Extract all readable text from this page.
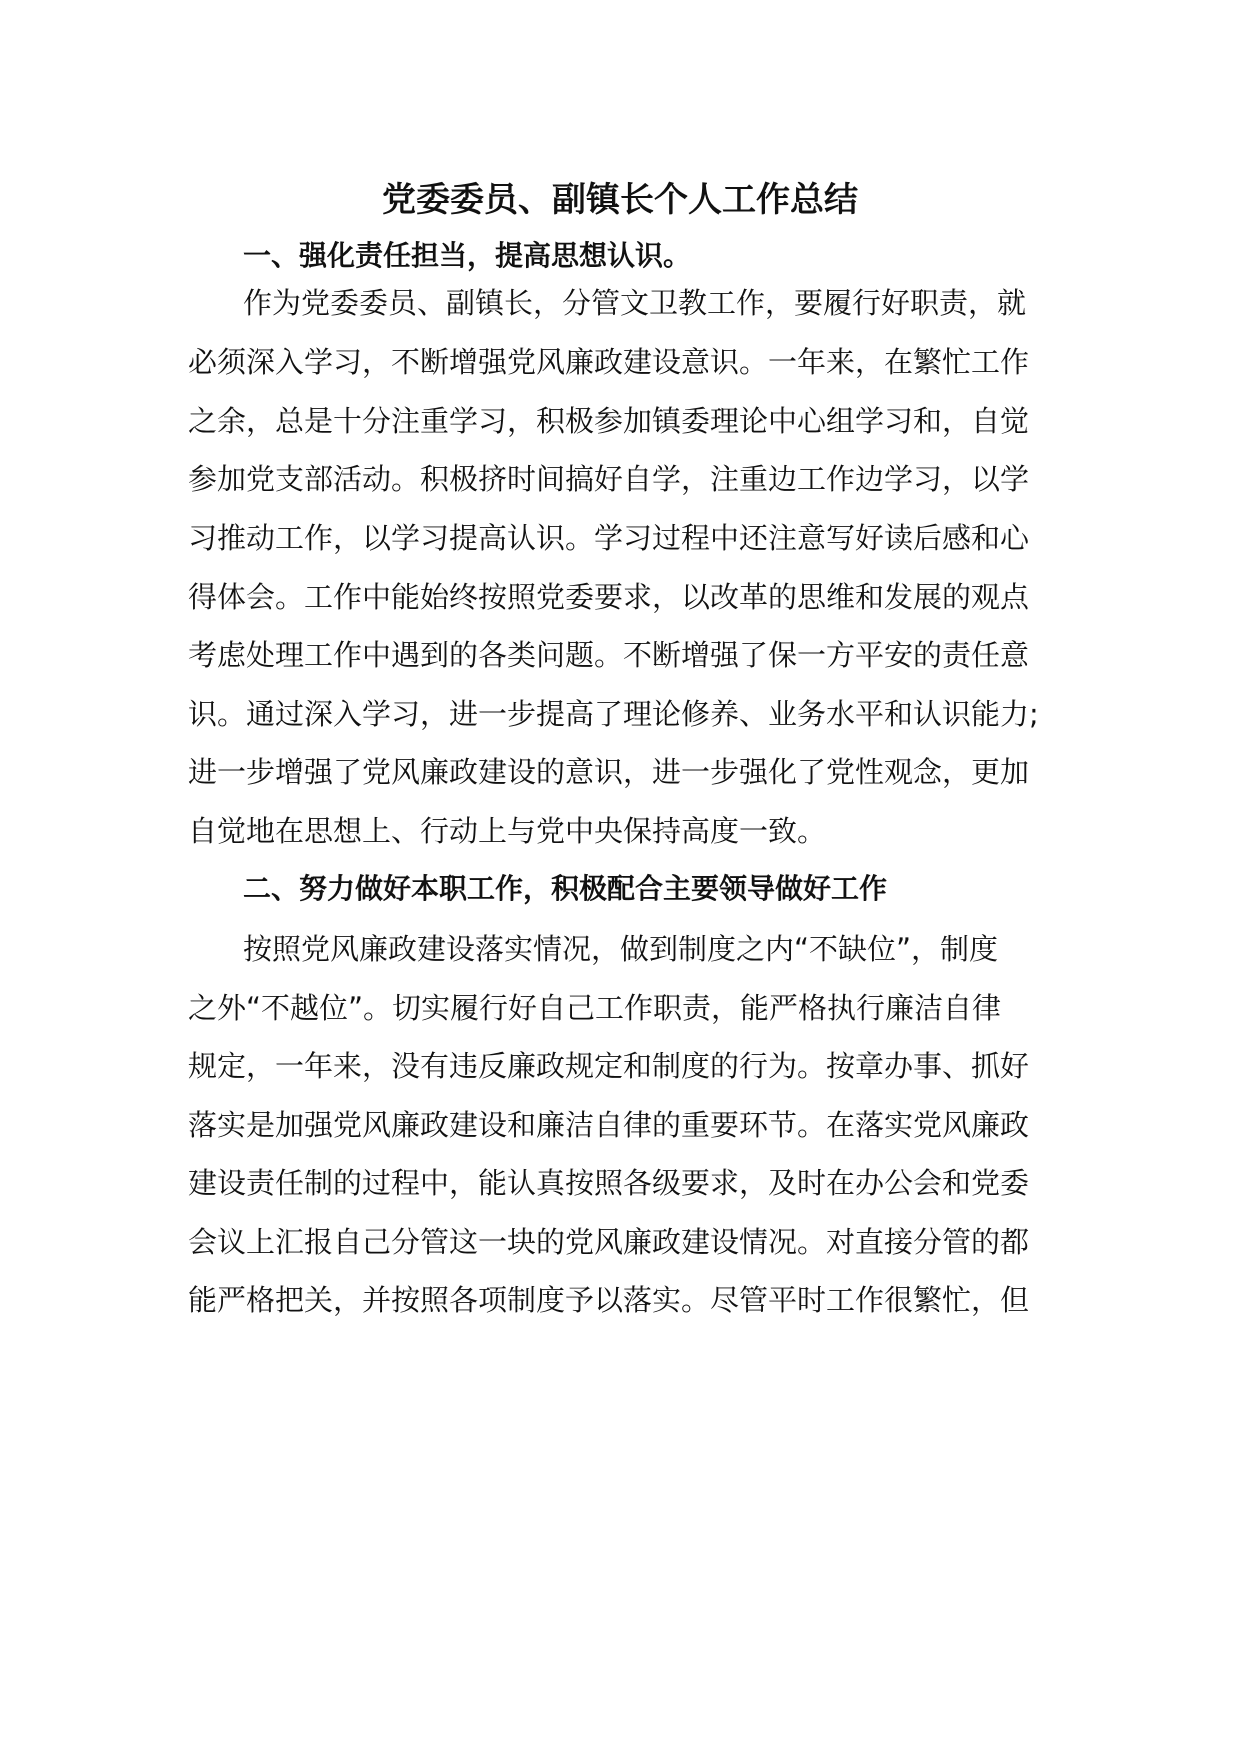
党委委员、副镇长个人工作总结
一、强化责任担当，提高思想认识。
作为党委委员、副镇长，分管文卫教工作，要履行好职责，就
必须深入学习，不断增强党风廉政建设意识。一年来，在繁忙工作
之余，总是十分注重学习，积极参加镇委理论中心组学习和，自觉
参加党支部活动。积极挤时间搞好自学，注重边工作边学习，以学
习推动工作，以学习提高认识。学习过程中还注意写好读后感和心
得体会。工作中能始终按照党委要求，以改革的思维和发展的观点
考虑处理工作中遇到的各类问题。不断增强了保一方平安的责任意
识。通过深入学习，进一步提高了理论修养、业务水平和认识能力;
进一步增强了党风廉政建设的意识，进一步强化了党性观念，更加
自觉地在思想上、行动上与党中央保持高度一致。
二、努力做好本职工作，积极配合主要领导做好工作
按照党风廉政建设落实情况，做到制度之内“不缺位”，制度
之外“不越位”。切实履行好自己工作职责，能严格执行廉洁自律
规定，一年来，没有违反廉政规定和制度的行为。按章办事、抓好
落实是加强党风廉政建设和廉洁自律的重要环节。在落实党风廉政
建设责任制的过程中，能认真按照各级要求，及时在办公会和党委
会议上汇报自己分管这一块的党风廉政建设情况。对直接分管的都
能严格把关，并按照各项制度予以落实。尽管平时工作很繁忙，但
